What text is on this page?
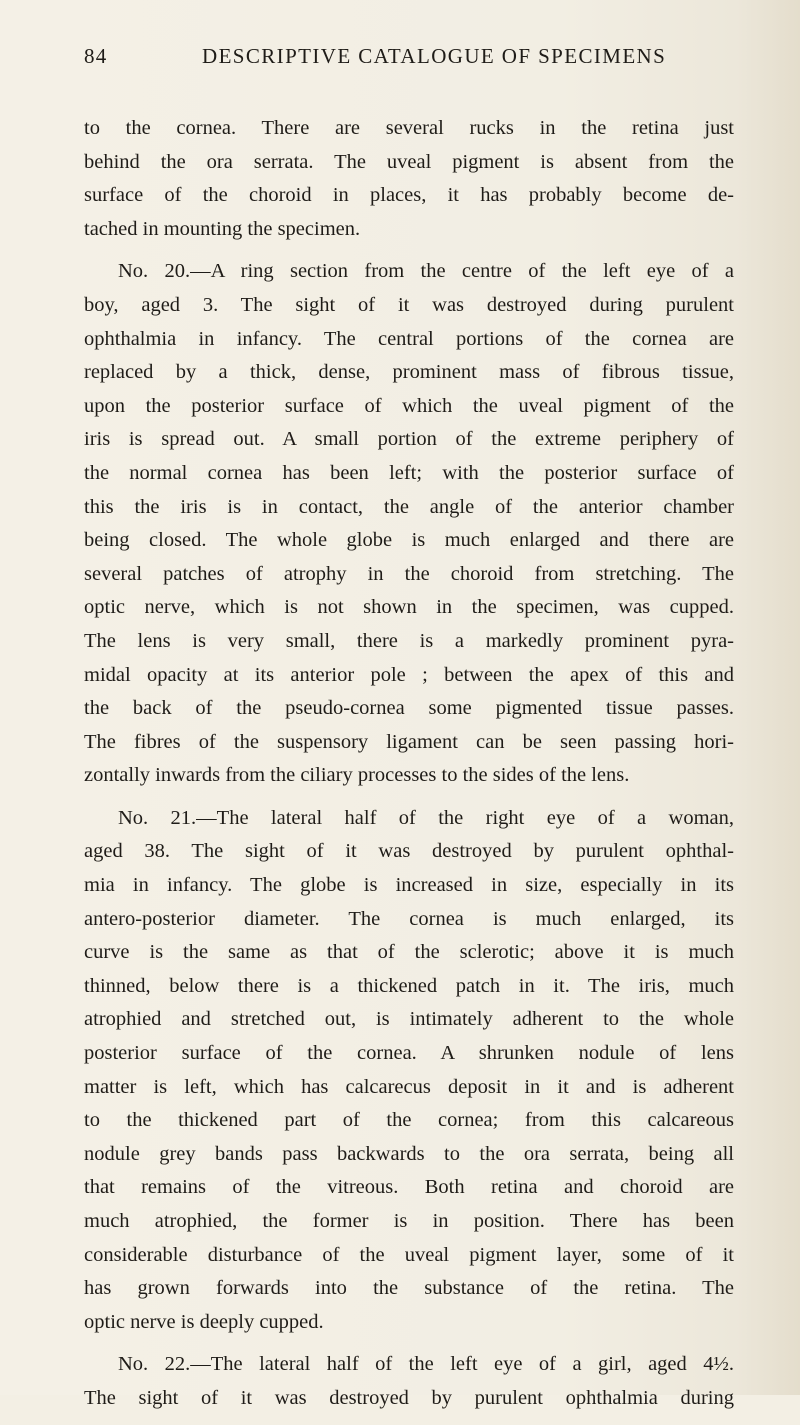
84	DESCRIPTIVE CATALOGUE OF SPECIMENS

to the cornea. There are several rucks in the retina just
behind the ora serrata. The uveal pigment is absent from the
surface of the choroid in places, it has probably become de-
tached in mounting the specimen.

No. 20.—A ring section from the centre of the left eye of a
boy, aged 3. The sight of it was destroyed during purulent
ophthalmia in infancy. The central portions of the cornea are
replaced by a thick, dense, prominent mass of fibrous tissue,
upon the posterior surface of which the uveal pigment of the
iris is spread out. A small portion of the extreme periphery of
the normal cornea has been left; with the posterior surface of
this the iris is in contact, the angle of the anterior chamber
being closed. The whole globe is much enlarged and there are
several patches of atrophy in the choroid from stretching. The
optic nerve, which is not shown in the specimen, was cupped.
The lens is very small, there is a markedly prominent pyra-
midal opacity at its anterior pole ; between the apex of this and
the back of the pseudo-cornea some pigmented tissue passes.
The fibres of the suspensory ligament can be seen passing hori-
zontally inwards from the ciliary processes to the sides of the lens.

No. 21.—The lateral half of the right eye of a woman,
aged 38. The sight of it was destroyed by purulent ophthal-
mia in infancy. The globe is increased in size, especially in its
antero-posterior diameter. The cornea is much enlarged, its
curve is the same as that of the sclerotic; above it is much
thinned, below there is a thickened patch in it. The iris, much
atrophied and stretched out, is intimately adherent to the whole
posterior surface of the cornea. A shrunken nodule of lens
matter is left, which has calcarecus deposit in it and is adherent
to the thickened part of the cornea; from this calcareous
nodule grey bands pass backwards to the ora serrata, being all
that remains of the vitreous. Both retina and choroid are
much atrophied, the former is in position. There has been
considerable disturbance of the uveal pigment layer, some of it
has grown forwards into the substance of the retina. The
optic nerve is deeply cupped.

No. 22.—The lateral half of the left eye of a girl, aged 4½.
The sight of it was destroyed by purulent ophthalmia during
